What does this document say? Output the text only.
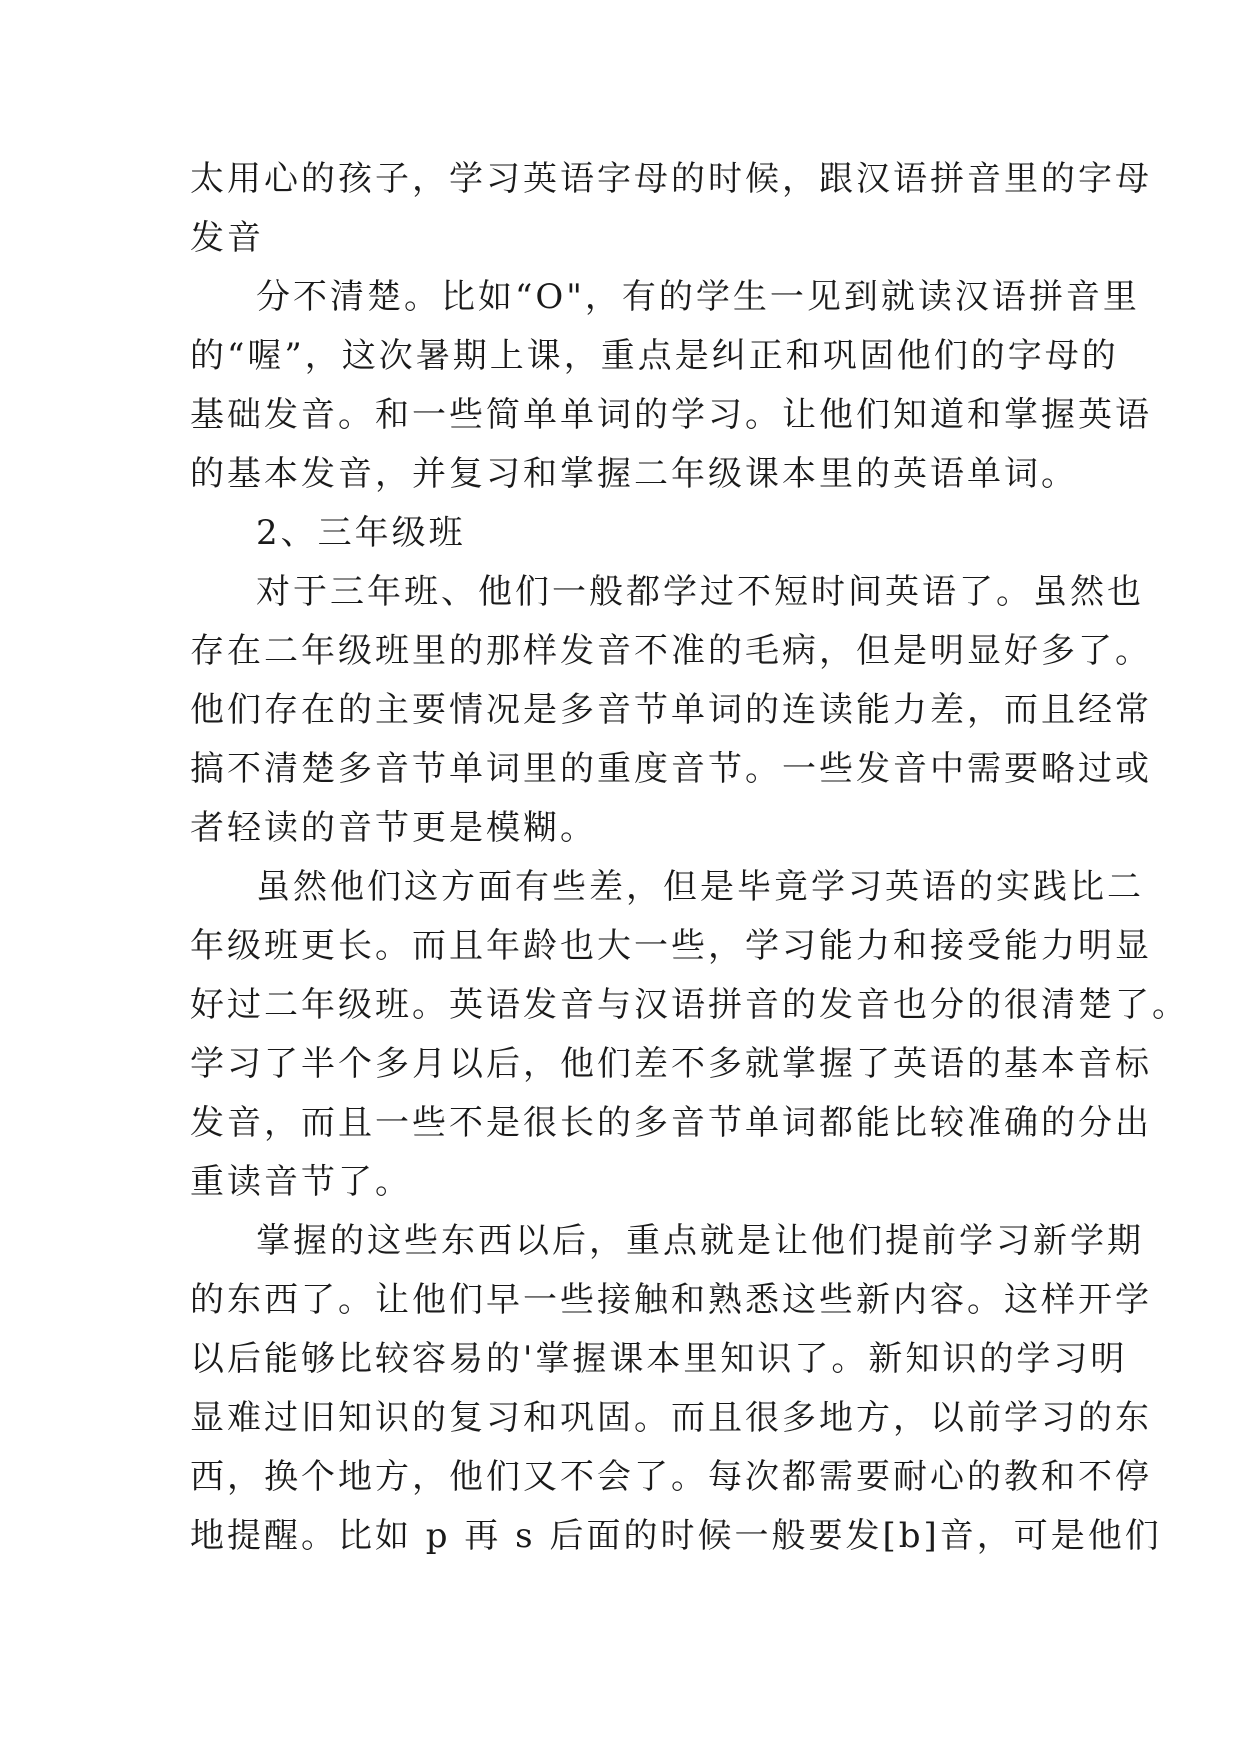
太用心的孩子，学习英语字母的时候，跟汉语拼音里的字母
发音
分不清楚。比如“O"，有的学生一见到就读汉语拼音里
的“喔”，这次暑期上课，重点是纠正和巩固他们的字母的
基础发音。和一些简单单词的学习。让他们知道和掌握英语
的基本发音，并复习和掌握二年级课本里的英语单词。
2、三年级班
对于三年班、他们一般都学过不短时间英语了。虽然也
存在二年级班里的那样发音不准的毛病，但是明显好多了。
他们存在的主要情况是多音节单词的连读能力差，而且经常
搞不清楚多音节单词里的重度音节。一些发音中需要略过或
者轻读的音节更是模糊。
虽然他们这方面有些差，但是毕竟学习英语的实践比二
年级班更长。而且年龄也大一些，学习能力和接受能力明显
好过二年级班。英语发音与汉语拼音的发音也分的很清楚了。
学习了半个多月以后，他们差不多就掌握了英语的基本音标
发音，而且一些不是很长的多音节单词都能比较准确的分出
重读音节了。
掌握的这些东西以后，重点就是让他们提前学习新学期
的东西了。让他们早一些接触和熟悉这些新内容。这样开学
以后能够比较容易的'掌握课本里知识了。新知识的学习明
显难过旧知识的复习和巩固。而且很多地方，以前学习的东
西，换个地方，他们又不会了。每次都需要耐心的教和不停
地提醒。比如 p 再 s 后面的时候一般要发[b]音，可是他们
